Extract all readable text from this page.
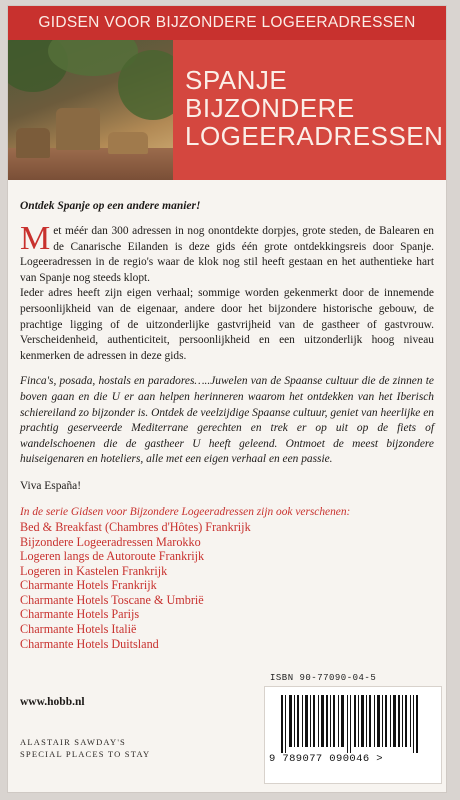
GIDSEN VOOR BIJZONDERE LOGEERADRESSEN
SPANJE
BIJZONDERE
LOGEERADRESSEN

Ontdek Spanje op een andere manier!

Met méér dan 300 adressen in nog onontdekte dorpjes, grote steden, de Balearen en de Canarische Eilanden is deze gids één grote ontdekkingsreis door Spanje. Logeeradressen in de regio's waar de klok nog stil heeft gestaan en het authentieke hart van Spanje nog steeds klopt.

Ieder adres heeft zijn eigen verhaal; sommige worden gekenmerkt door de innemende persoonlijkheid van de eigenaar, andere door het bijzondere historische gebouw, de prachtige ligging of de uitzonderlijke gastvrijheid van de gastheer of gastvrouw. Verscheidenheid, authenticiteit, persoonlijkheid en een uitzonderlijk hoog niveau kenmerken de adressen in deze gids.

Finca's, posada, hostals en paradores…..Juwelen van de Spaanse cultuur die de zinnen te boven gaan en die U er aan helpen herinneren waarom het ontdekken van het Iberisch schiereiland zo bijzonder is. Ontdek de veelzijdige Spaanse cultuur, geniet van heerlijke en prachtig geserveerde Mediterrane gerechten en trek er op uit op de fiets of wandelschoenen die de gastheer U heeft geleend. Ontmoet de meest bijzondere huiseigenaren en hoteliers, alle met een eigen verhaal en een passie.

Viva España!

In de serie Gidsen voor Bijzondere Logeeradressen zijn ook verschenen:

Bed & Breakfast (Chambres d'Hôtes) Frankrijk
Bijzondere Logeeradressen Marokko
Logeren langs de Autoroute Frankrijk
Logeren in Kastelen Frankrijk
Charmante Hotels Frankrijk
Charmante Hotels Toscane & Umbrië
Charmante Hotels Parijs
Charmante Hotels Italië
Charmante Hotels Duitsland
ISBN 90-77090-04-5
9 789077 090046 >
www.hobb.nl
ALASTAIR SAWDAY'S
SPECIAL PLACES TO STAY
